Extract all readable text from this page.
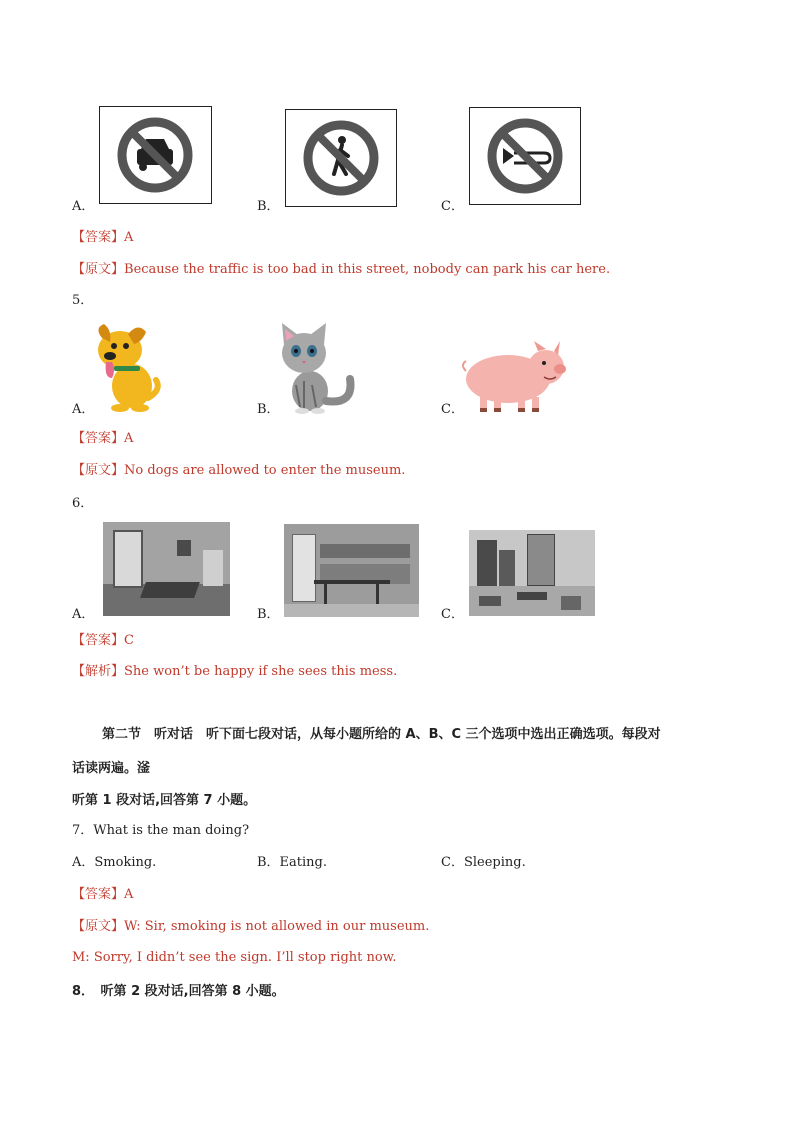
A．	B．	C．
【答案】A
【原文】Because the traffic is too bad in this street, nobody can park his car here.
5．
A．	B．	C．
【答案】A
【原文】No dogs are allowed to enter the museum.
6．
A．	B．	C．
【答案】C
【解析】She won’t be happy if she sees this mess.
第二节　听对话　听下面七段对话，从每小题所给的 A、B、C 三个选项中选出正确选项。每段对
话读两遍。滏
听第 1 段对话,回答第 7 小题。
7．What is the man doing?
A．Smoking.	B．Eating.	C．Sleeping.
【答案】A
【原文】W: Sir, smoking is not allowed in our museum.
M: Sorry, I didn’t see the sign. I’ll stop right now.
8．　听第 2 段对话,回答第 8 小题。
